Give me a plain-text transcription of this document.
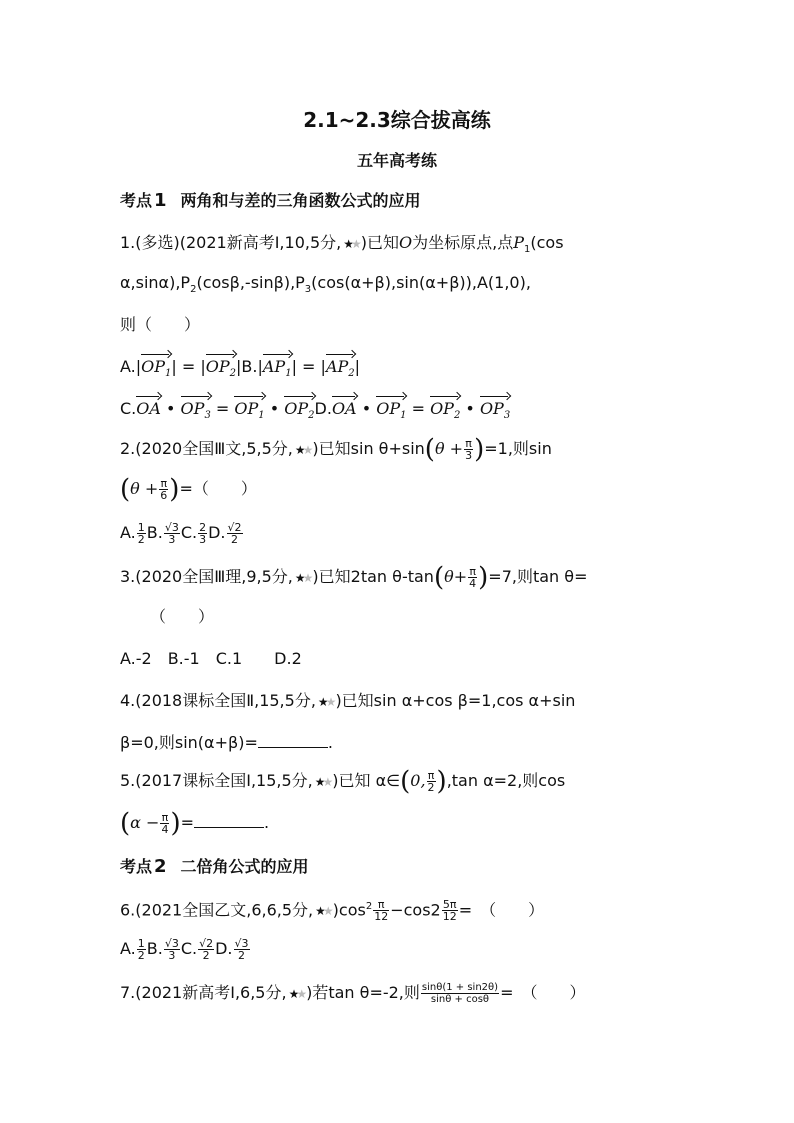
2.1~2.3综合拔高练
五年高考练
考点 1 两角和与差的三角函数公式的应用
1.(多选)(2021新高考Ⅰ,10,5分, ★★ )已知O为坐标原点,点$P_1(\cos$
$\alpha,\sin\alpha),P_2(\cos\beta,-\sin\beta),P_3(\cos(\alpha+\beta),\sin(\alpha+\beta)),A(1,0)$,
则（　　）
$A.|OP_1| = |OP_2|B.|AP_1| = |AP_2|$
C.OA • $OP_3 = OP_1$ • $OP_2D.OA$ • $OP_1 = OP_2$ • $OP_3$
2.(2020全国Ⅲ文,5,5分, ★★ )已知$\sin \theta+\sin(\theta + \frac{\pi}{3} )=1$,则sin
($\theta + \frac{\pi}{6}$ )=（　　）
A. $\frac{1}{2} B$. $\frac{√3}{3} C$. $\frac{2}{3} D$. $\frac{√2}{2}$
3.(2020全国Ⅲ理,9,5分, ★★ )已知2tan $\theta-\tan(\theta+ \frac{\pi}{4} )=7$,则tan θ=
（　　）
A.-2　B.-1　C.1　　D.2
4.(2018课标全国Ⅱ,15,5分, ★★ )已知sin α+cos β=1,cos α+sin
β=0,则sin(α+β)=	.
5.(2017课标全国Ⅰ,15,5分, ★★ )已知 α∈(0, $\frac{\pi}{2} ),\tan$ α=2,则cos
($\alpha - \frac{\pi}{4}$ )=	.
考点 2 二倍角公式的应用
6.(2021全国乙文,6,6,5分, ★★ )$\cos^2 \frac{\pi}{12} -\cos 2 \frac{5\pi}{12}$ =　（　　）
A. $\frac{1}{2} B$. $\frac{√3}{3} C$. $\frac{√2}{2} D$. $\frac{√3}{2}$
7.(2021新高考Ⅰ,6,5分, ★★ )若tan θ=-2,则 $\frac{\sin\theta(1 + \sin 2\theta)}{\sin\theta + \cos\theta}$ =　（　　）
